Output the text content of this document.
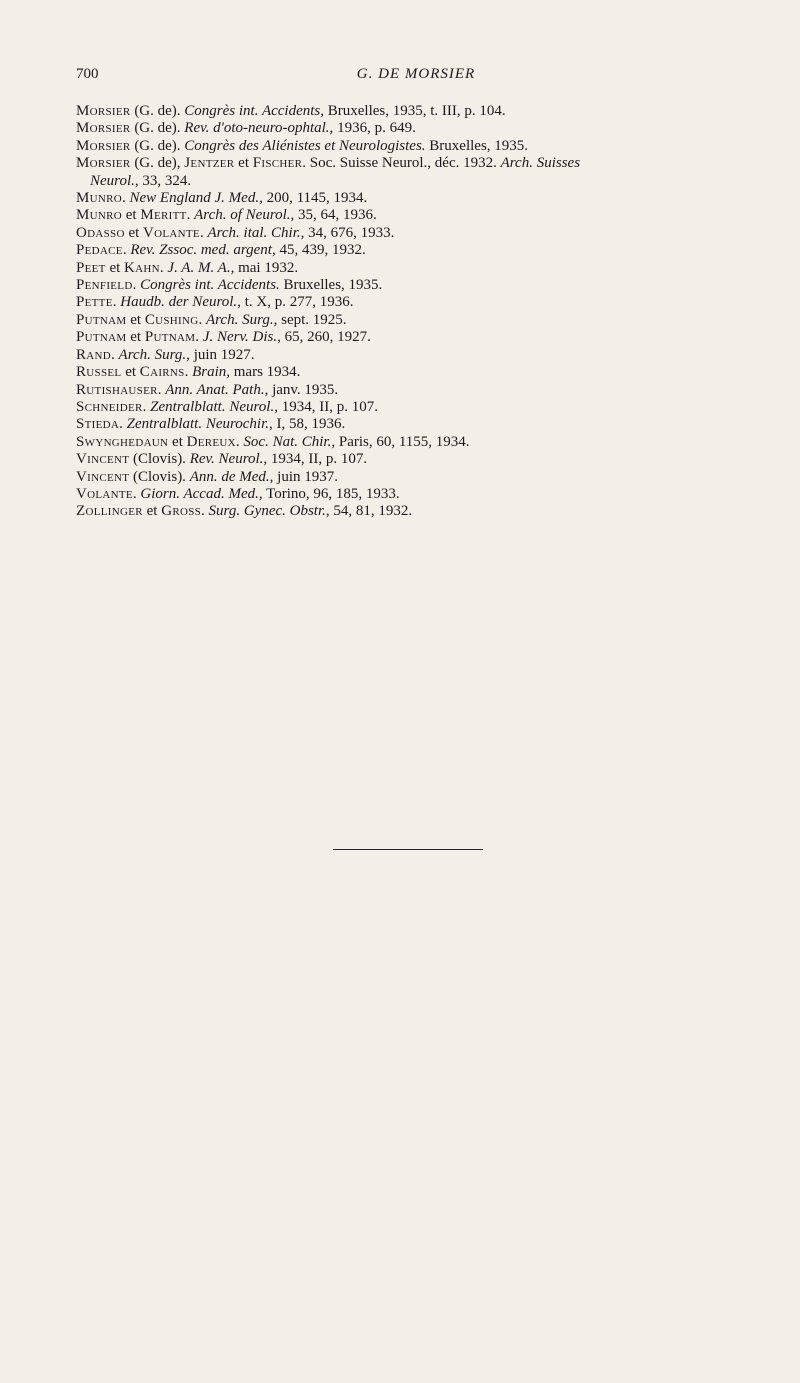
700	G. DE MORSIER

Morsier (G. de). Congrès int. Accidents, Bruxelles, 1935, t. III, p. 104.

Morsier (G. de). Rev. d'oto-neuro-ophtal., 1936, p. 649.

Morsier (G. de). Congrès des Aliénistes et Neurologistes. Bruxelles, 1935.

Morsier (G. de), Jentzer et Fischer. Soc. Suisse Neurol., déc. 1932. Arch. Suisses
Neurol., 33, 324.

Munro. New England J. Med., 200, 1145, 1934.

Munro et Meritt. Arch. of Neurol., 35, 64, 1936.

Odasso et Volante. Arch. ital. Chir., 34, 676, 1933.

Pedace. Rev. Zssoc. med. argent, 45, 439, 1932.

Peet et Kahn. J. A. M. A., mai 1932.

Penfield. Congrès int. Accidents. Bruxelles, 1935.

Pette. Haudb. der Neurol., t. X, p. 277, 1936.

Putnam et Cushing. Arch. Surg., sept. 1925.

Putnam et Putnam. J. Nerv. Dis., 65, 260, 1927.

Rand. Arch. Surg., juin 1927.

Russel et Cairns. Brain, mars 1934.

Rutishauser. Ann. Anat. Path., janv. 1935.

Schneider. Zentralblatt. Neurol., 1934, II, p. 107.

Stieda. Zentralblatt. Neurochir., I, 58, 1936.

Swynghedaun et Dereux. Soc. Nat. Chir., Paris, 60, 1155, 1934.

Vincent (Clovis). Rev. Neurol., 1934, II, p. 107.

Vincent (Clovis). Ann. de Med., juin 1937.

Volante. Giorn. Accad. Med., Torino, 96, 185, 1933.

Zollinger et Gross. Surg. Gynec. Obstr., 54, 81, 1932.
